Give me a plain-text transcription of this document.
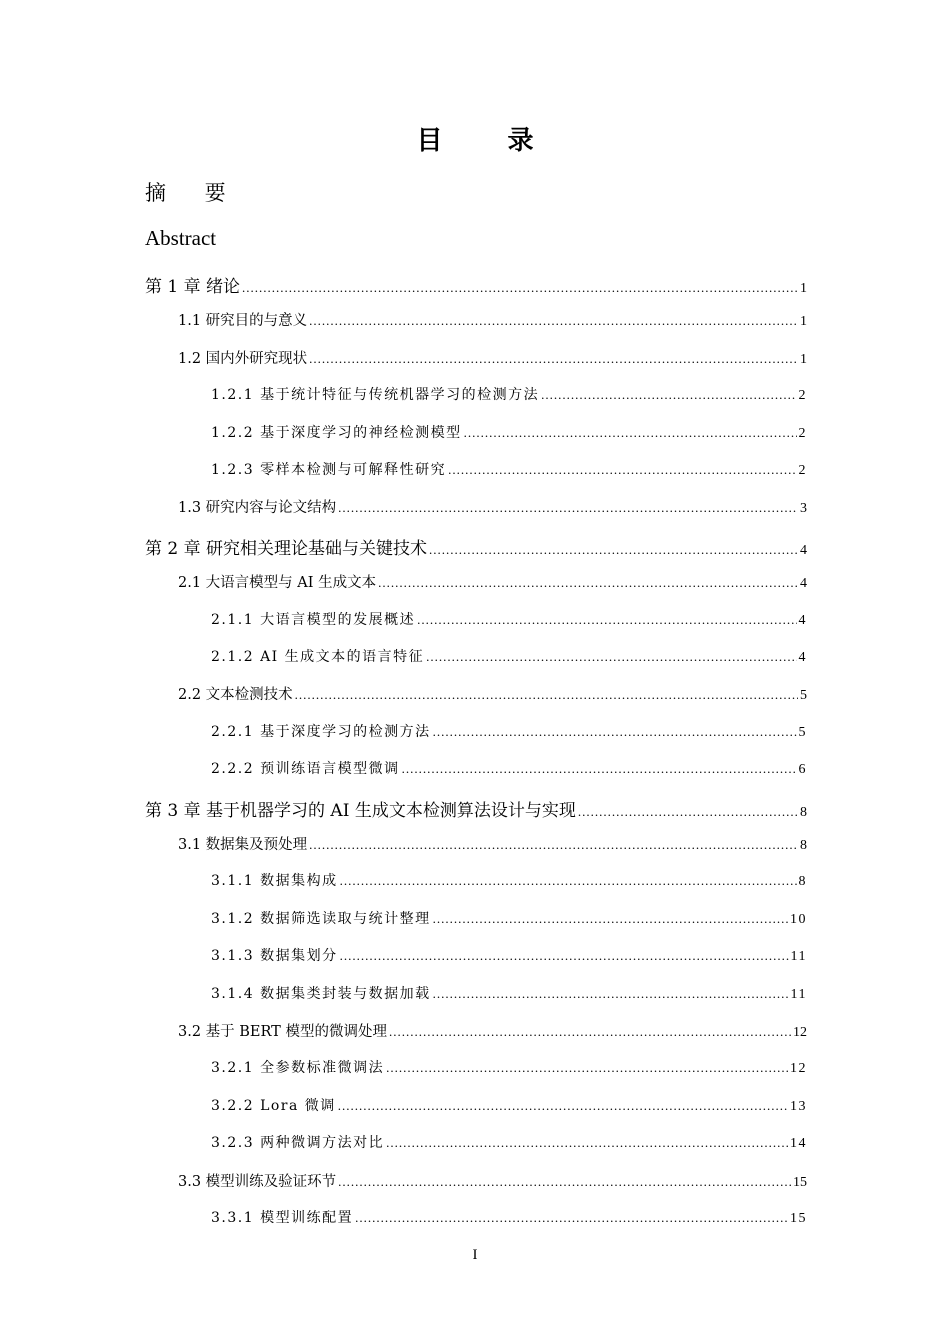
目 录
摘 要
Abstract
第 1 章 绪论 .....	1
1.1 研究目的与意义 .....	1
1.2 国内外研究现状 .....	1
1.2.1 基于统计特征与传统机器学习的检测方法 .....	2
1.2.2 基于深度学习的神经检测模型 .....	2
1.2.3 零样本检测与可解释性研究 .....	2
1.3 研究内容与论文结构 .....	3
第 2 章 研究相关理论基础与关键技术 .....	4
2.1 大语言模型与 AI 生成文本 .....	4
2.1.1 大语言模型的发展概述 .....	4
2.1.2 AI 生成文本的语言特征 .....	4
2.2 文本检测技术 .....	5
2.2.1 基于深度学习的检测方法 .....	5
2.2.2 预训练语言模型微调 .....	6
第 3 章 基于机器学习的 AI 生成文本检测算法设计与实现 .....	8
3.1 数据集及预处理 .....	8
3.1.1 数据集构成 .....	8
3.1.2 数据筛选读取与统计整理 .....	10
3.1.3 数据集划分 .....	11
3.1.4 数据集类封装与数据加载 .....	11
3.2 基于 BERT 模型的微调处理 .....	12
3.2.1 全参数标准微调法 .....	12
3.2.2 Lora 微调 .....	13
3.2.3 两种微调方法对比 .....	14
3.3 模型训练及验证环节 .....	15
3.3.1 模型训练配置 .....	15
I
